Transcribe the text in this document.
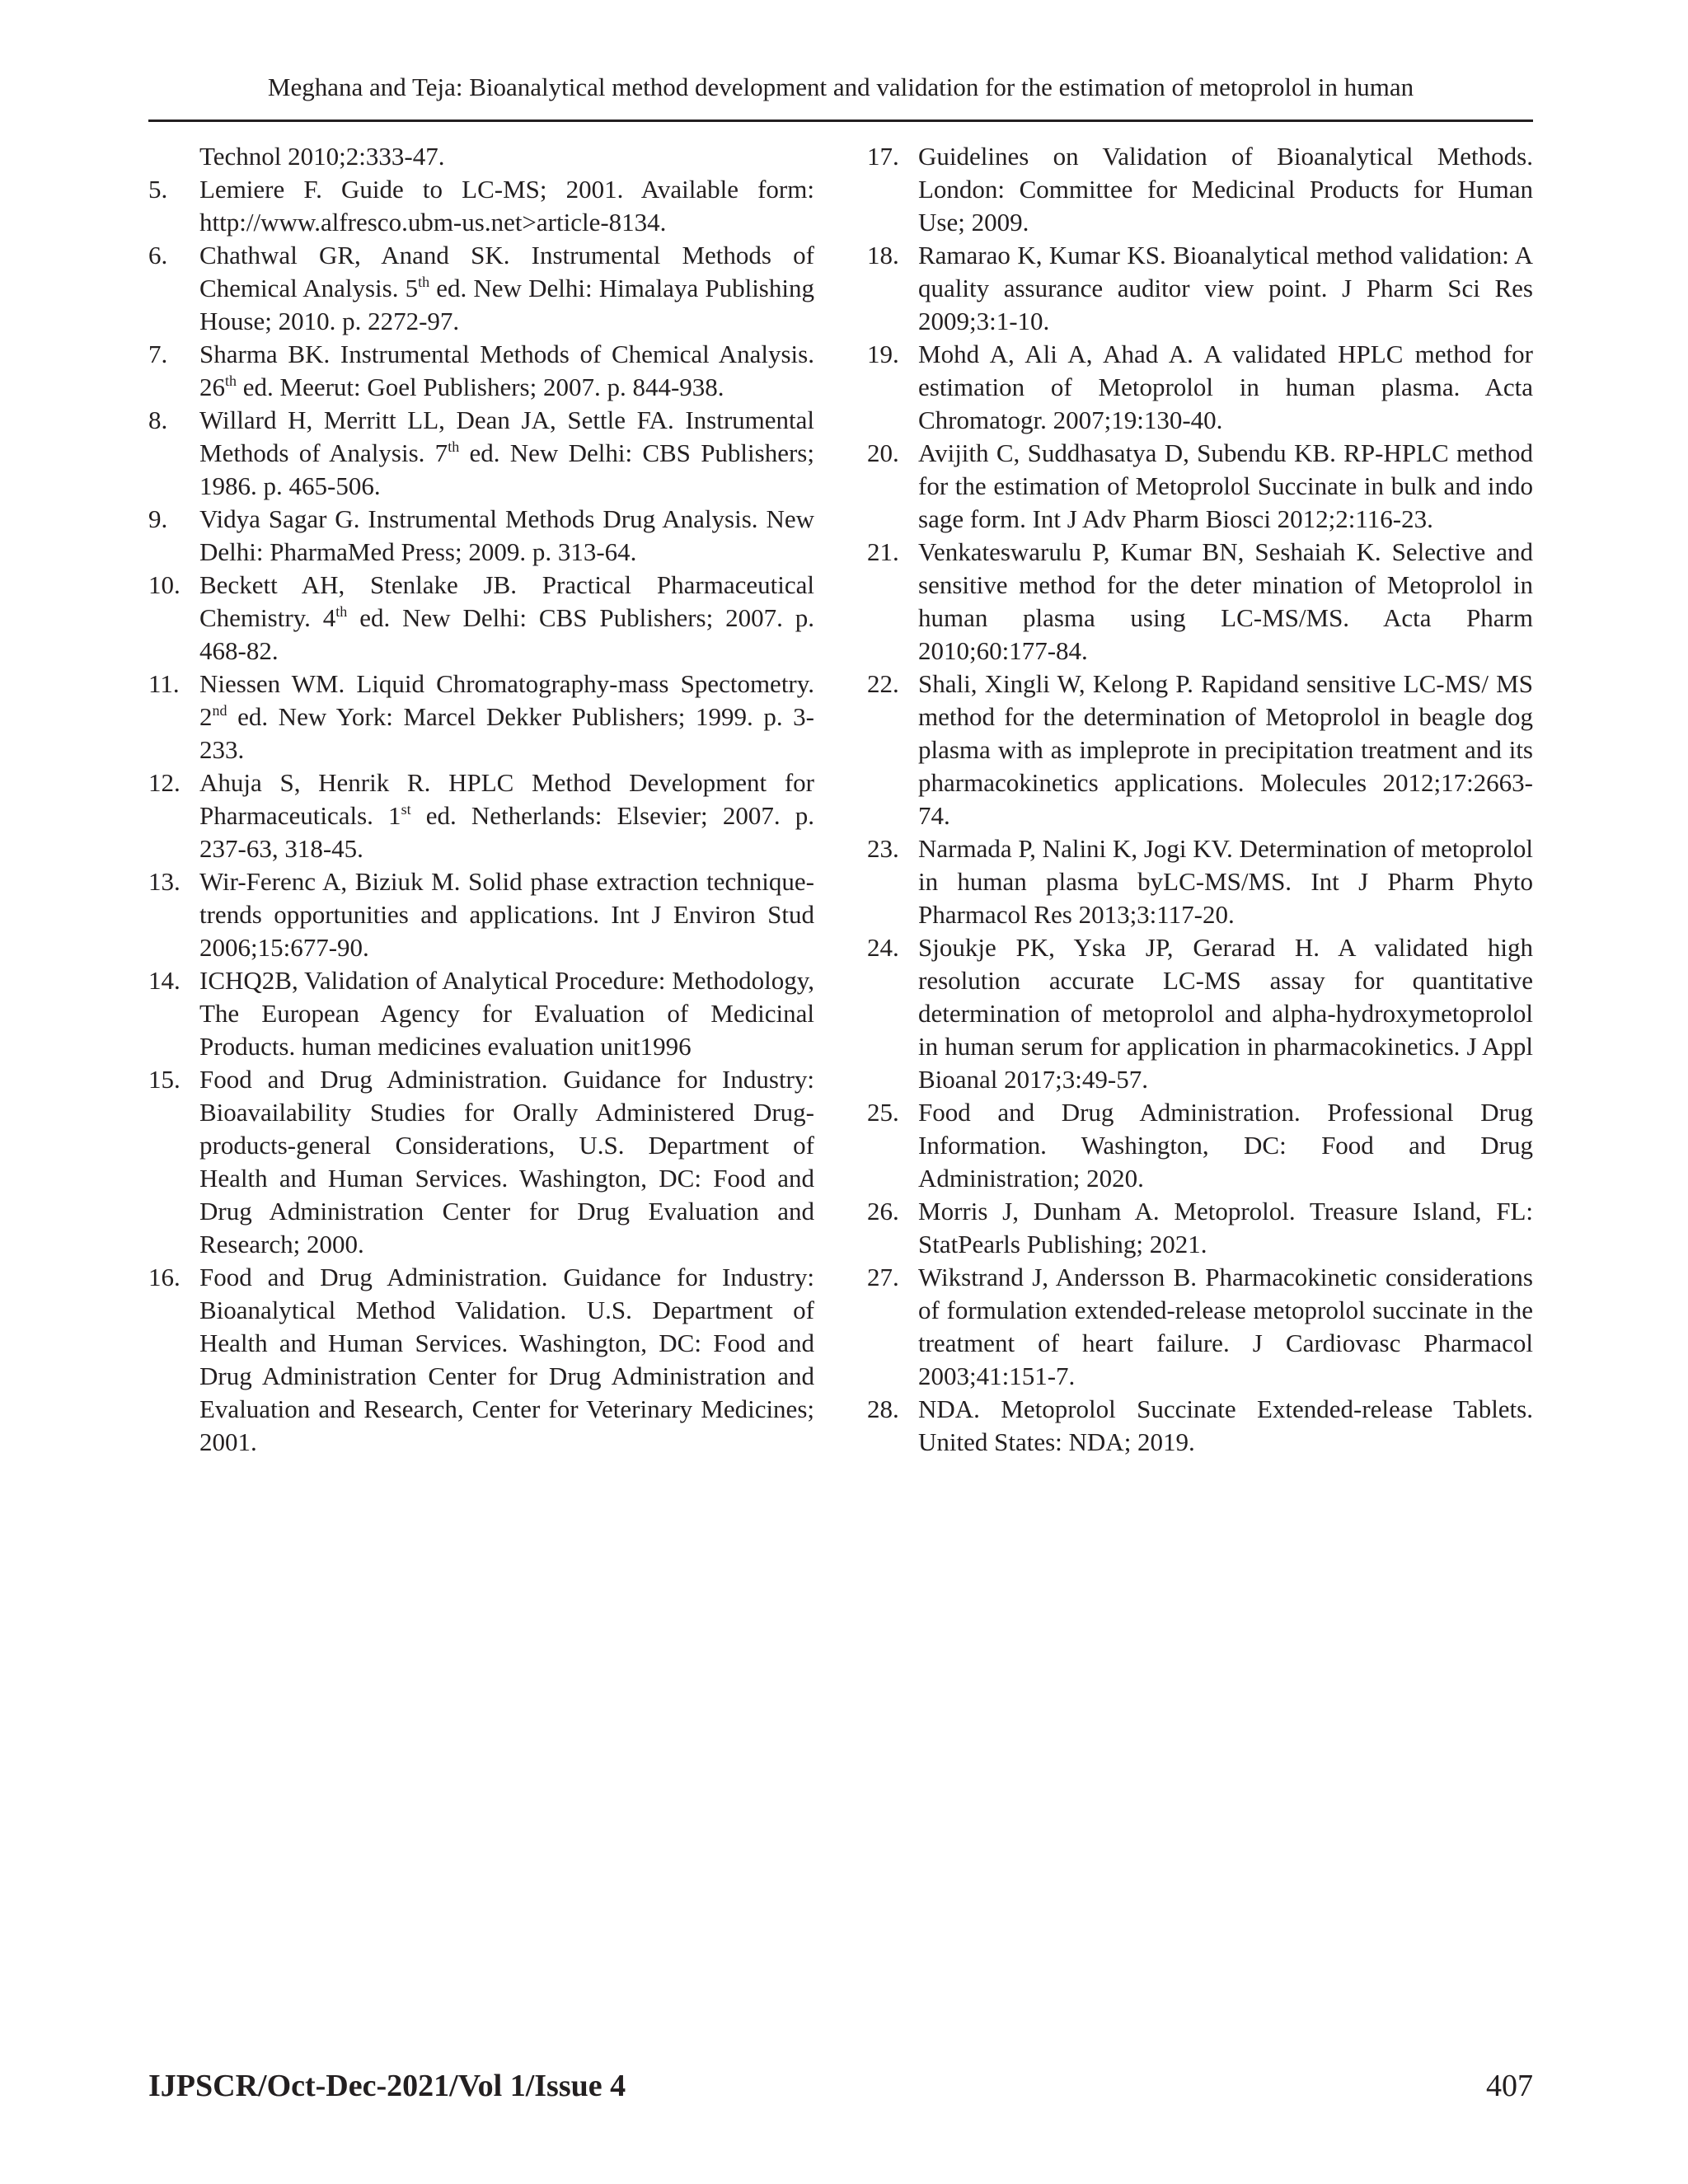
Meghana and Teja: Bioanalytical method development and validation for the estimation of metoprolol in human
Technol 2010;2:333-47.
5.	Lemiere F. Guide to LC-MS; 2001. Available form: http://www.alfresco.ubm-us.net>article-8134.
6.	Chathwal GR, Anand SK. Instrumental Methods of Chemical Analysis. 5th ed. New Delhi: Himalaya Publishing House; 2010. p. 2272-97.
7.	Sharma BK. Instrumental Methods of Chemical Analysis. 26th ed. Meerut: Goel Publishers; 2007. p. 844-938.
8.	Willard H, Merritt LL, Dean JA, Settle FA. Instrumental Methods of Analysis. 7th ed. New Delhi: CBS Publishers; 1986. p. 465-506.
9.	Vidya Sagar G. Instrumental Methods Drug Analysis. New Delhi: PharmaMed Press; 2009. p. 313-64.
10. Beckett AH, Stenlake JB. Practical Pharmaceutical Chemistry. 4th ed. New Delhi: CBS Publishers; 2007. p. 468-82.
11. Niessen WM. Liquid Chromatography-mass Spectometry. 2nd ed. New York: Marcel Dekker Publishers; 1999. p. 3-233.
12. Ahuja S, Henrik R. HPLC Method Development for Pharmaceuticals. 1st ed. Netherlands: Elsevier; 2007. p. 237-63, 318-45.
13. Wir-Ferenc A, Biziuk M. Solid phase extraction technique-trends opportunities and applications. Int J Environ Stud 2006;15:677-90.
14. ICHQ2B, Validation of Analytical Procedure: Methodology, The European Agency for Evaluation of Medicinal Products. human medicines evaluation unit1996
15. Food and Drug Administration. Guidance for Industry: Bioavailability Studies for Orally Administered Drug-products-general Considerations, U.S. Department of Health and Human Services. Washington, DC: Food and Drug Administration Center for Drug Evaluation and Research; 2000.
16. Food and Drug Administration. Guidance for Industry: Bioanalytical Method Validation. U.S. Department of Health and Human Services. Washington, DC: Food and Drug Administration Center for Drug Administration and Evaluation and Research, Center for Veterinary Medicines; 2001.
17. Guidelines on Validation of Bioanalytical Methods. London: Committee for Medicinal Products for Human Use; 2009.
18. Ramarao K, Kumar KS. Bioanalytical method validation: A quality assurance auditor view point. J Pharm Sci Res 2009;3:1-10.
19. Mohd A, Ali A, Ahad A. A validated HPLC method for estimation of Metoprolol in human plasma. Acta Chromatogr. 2007;19:130-40.
20. Avijith C, Suddhasatya D, Subendu KB. RP-HPLC method for the estimation of Metoprolol Succinate in bulk and indo sage form. Int J Adv Pharm Biosci 2012;2:116-23.
21. Venkateswarulu P, Kumar BN, Seshaiah K. Selective and sensitive method for the deter mination of Metoprolol in human plasma using LC-MS/MS. Acta Pharm 2010;60:177-84.
22. Shali, Xingli W, Kelong P. Rapidand sensitive LC-MS/ MS method for the determination of Metoprolol in beagle dog plasma with as impleprote in precipitation treatment and its pharmacokinetics applications. Molecules 2012;17:2663-74.
23. Narmada P, Nalini K, Jogi KV. Determination of metoprolol in human plasma byLC-MS/MS. Int J Pharm Phyto Pharmacol Res 2013;3:117-20.
24. Sjoukje PK, Yska JP, Gerarad H. A validated high resolution accurate LC-MS assay for quantitative determination of metoprolol and alpha-hydroxymetoprolol in human serum for application in pharmacokinetics. J Appl Bioanal 2017;3:49-57.
25. Food and Drug Administration. Professional Drug Information. Washington, DC: Food and Drug Administration; 2020.
26. Morris J, Dunham A. Metoprolol. Treasure Island, FL: StatPearls Publishing; 2021.
27. Wikstrand J, Andersson B. Pharmacokinetic considerations of formulation extended-release metoprolol succinate in the treatment of heart failure. J Cardiovasc Pharmacol 2003;41:151-7.
28. NDA. Metoprolol Succinate Extended-release Tablets. United States: NDA; 2019.
IJPSCR/Oct-Dec-2021/Vol 1/Issue 4	407
